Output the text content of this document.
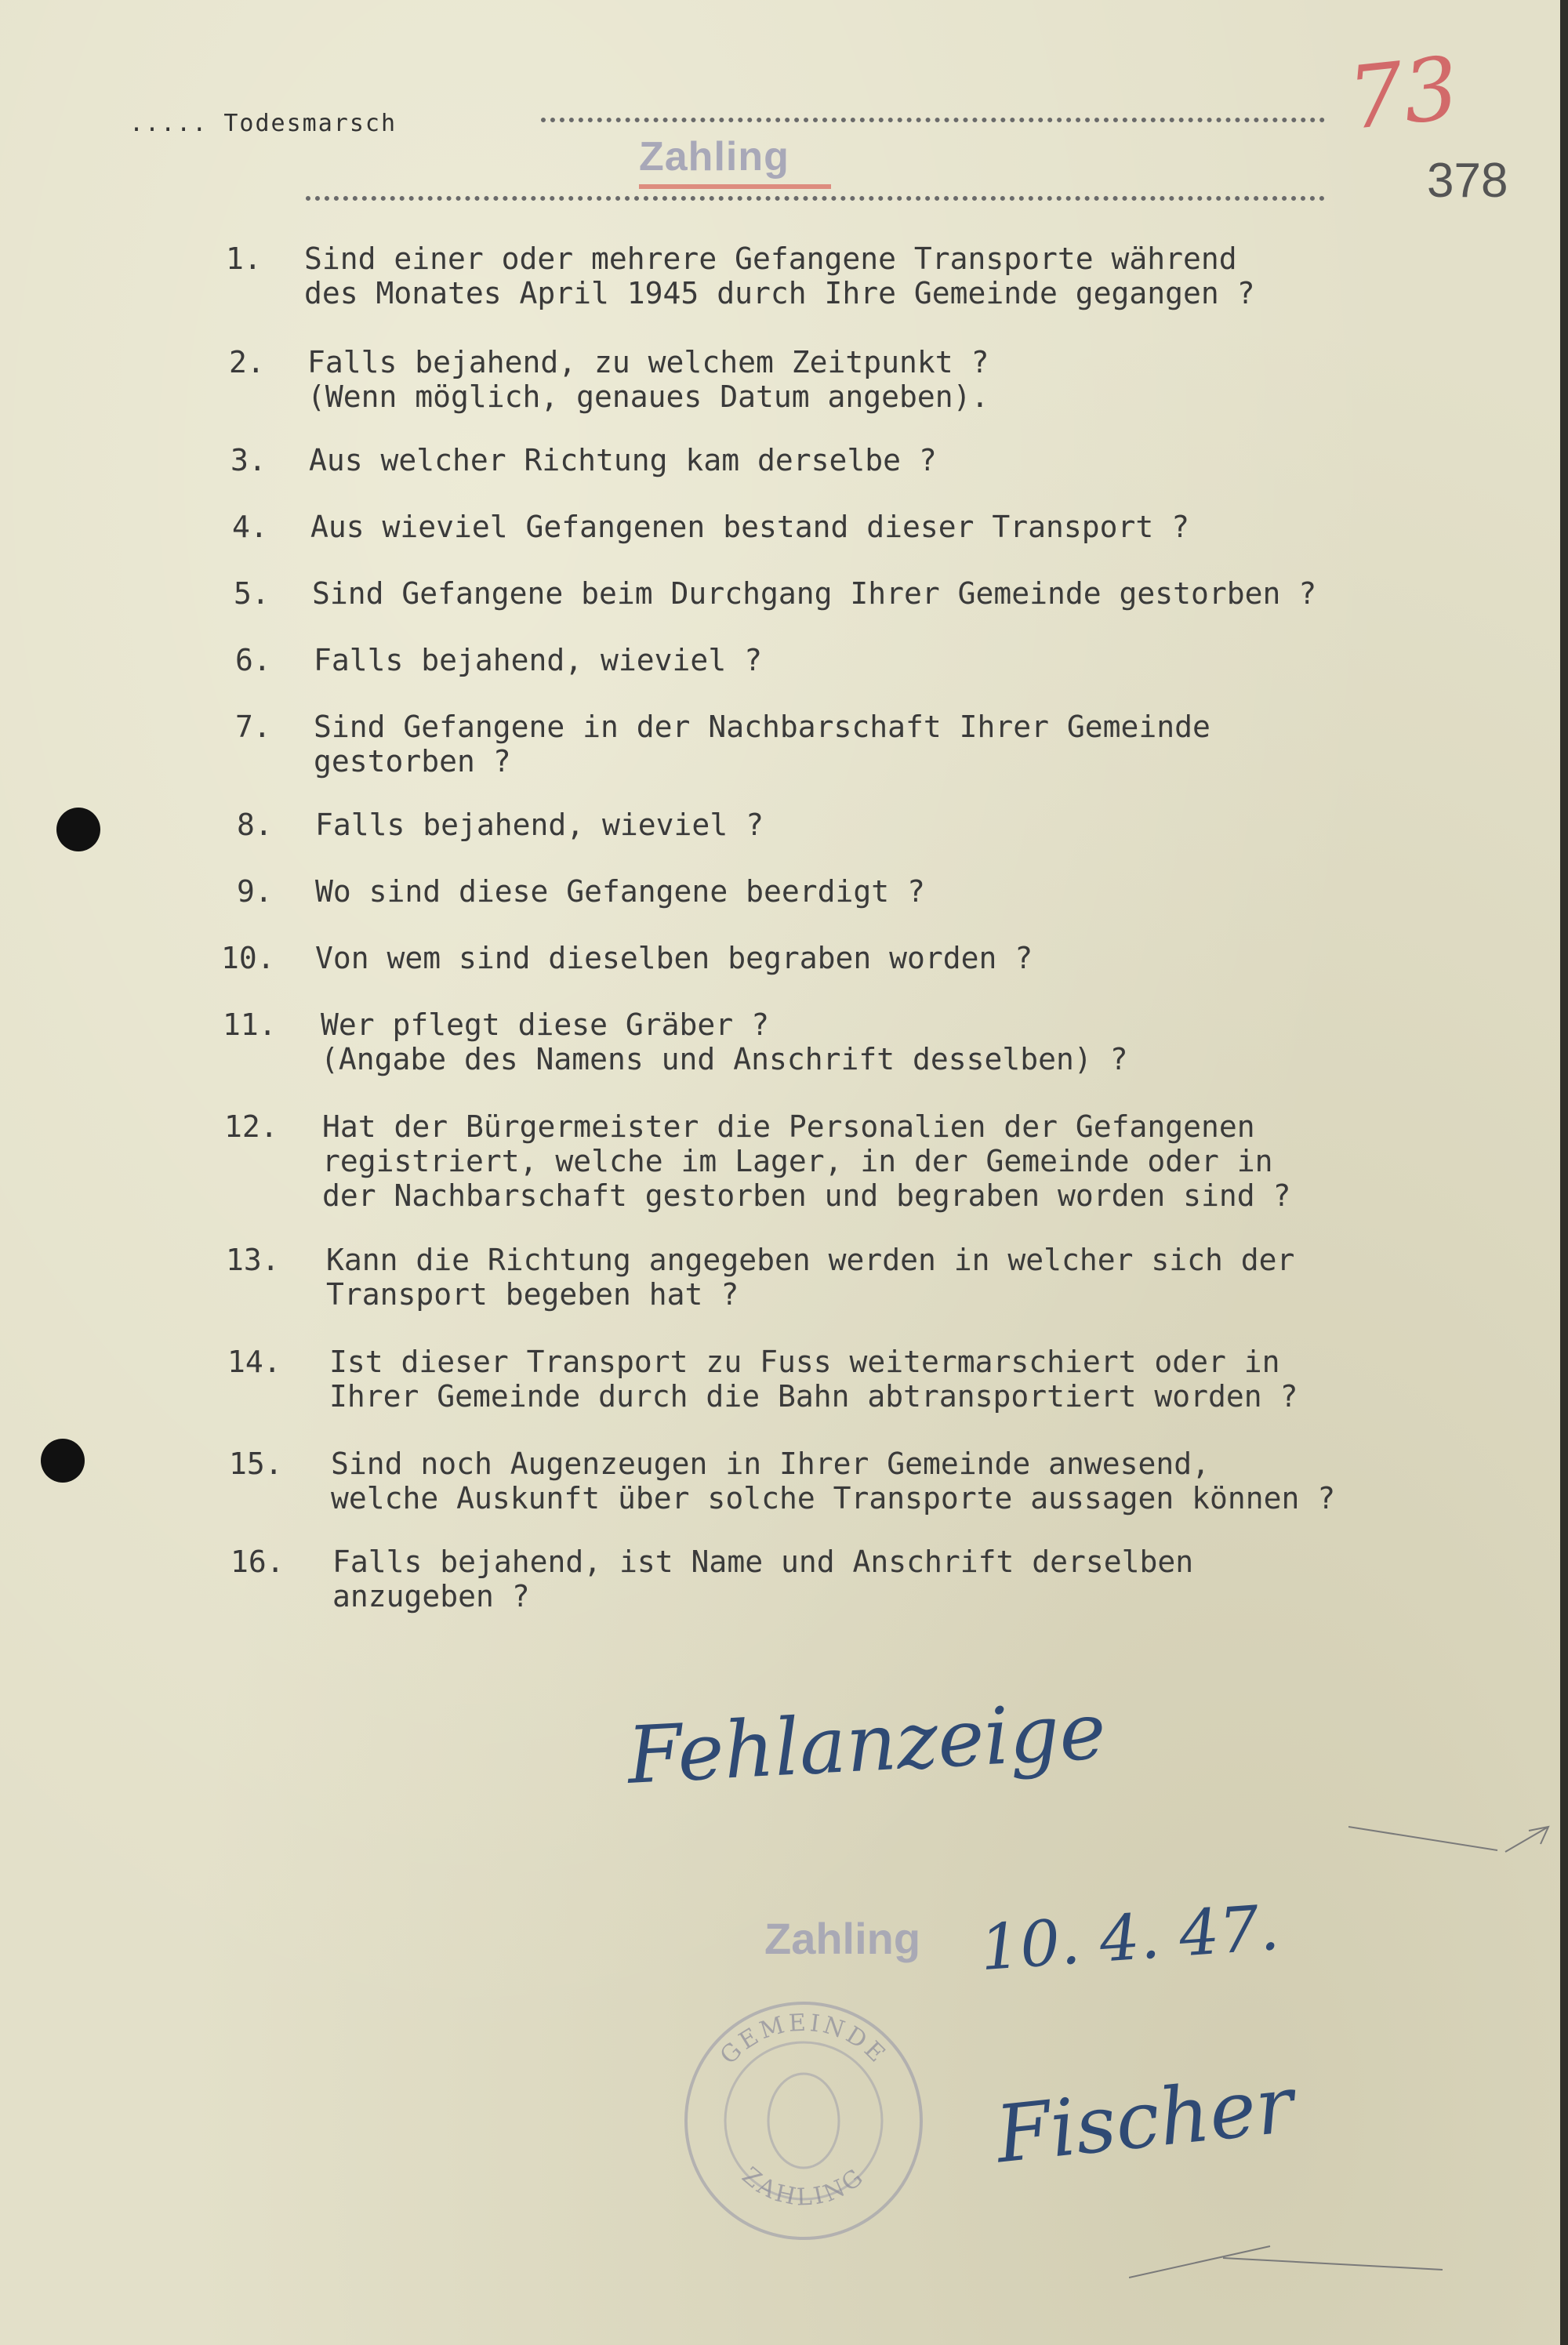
..... Todesmarsch
Zahling
73
378
1.	Sind einer oder mehrere Gefangene Transporte während
des Monates April 1945 durch Ihre Gemeinde gegangen ?
2.	Falls bejahend, zu welchem Zeitpunkt ?
(Wenn möglich, genaues Datum angeben).
3.	Aus welcher Richtung kam derselbe ?
4.	Aus wieviel Gefangenen bestand dieser Transport ?
5.	Sind Gefangene beim Durchgang Ihrer Gemeinde gestorben ?
6.	Falls bejahend, wieviel ?
7.	Sind Gefangene in der Nachbarschaft Ihrer Gemeinde
gestorben ?
8.	Falls bejahend, wieviel ?
9.	Wo sind diese Gefangene beerdigt ?
10.	Von wem sind dieselben begraben worden ?
11.	Wer pflegt diese Gräber ?
(Angabe des Namens und Anschrift desselben) ?
12.	Hat der Bürgermeister die Personalien der Gefangenen
registriert, welche im Lager, in der Gemeinde oder in
der Nachbarschaft gestorben und begraben worden sind ?
13.	Kann die Richtung angegeben werden in welcher sich der
Transport begeben hat ?
14.	Ist dieser Transport zu Fuss weitermarschiert oder in
Ihrer Gemeinde durch die Bahn abtransportiert worden ?
15.	Sind noch Augenzeugen in Ihrer Gemeinde anwesend,
welche Auskunft über solche Transporte aussagen können ?
16.	Falls bejahend, ist Name und Anschrift derselben
anzugeben ?
Fehlanzeige
Zahling 10. 4. 47.
GEMEINDE
ZAHLING Fischer
